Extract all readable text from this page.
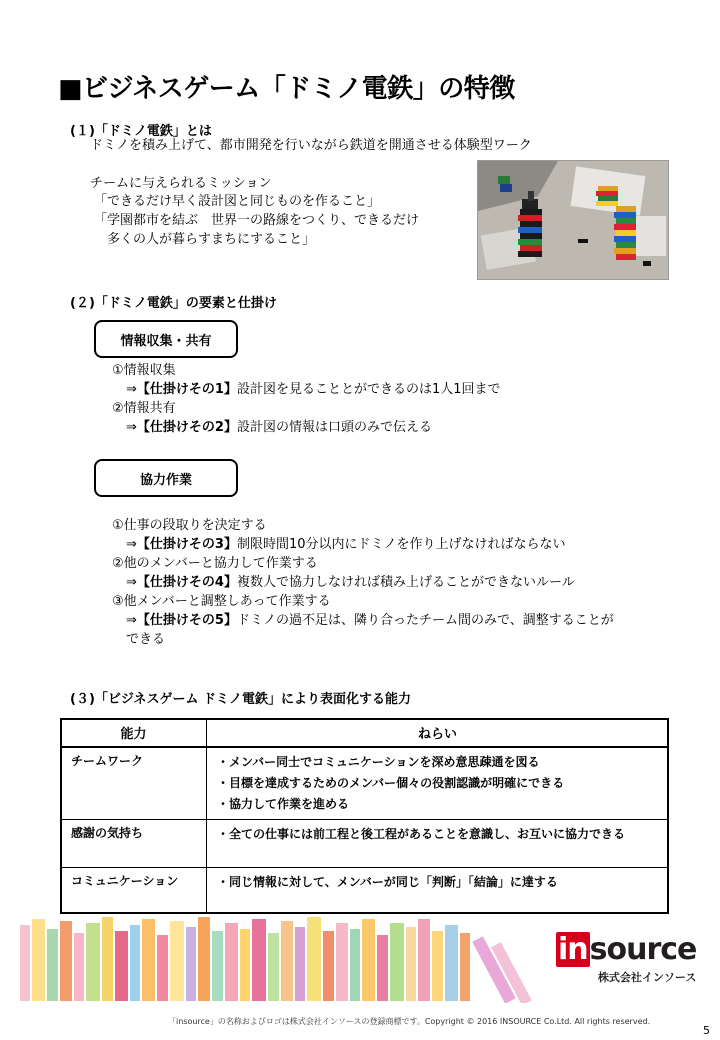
■ビジネスゲーム「ドミノ電鉄」の特徴
(１)「ドミノ電鉄」とは
ドミノを積み上げて、都市開発を行いながら鉄道を開通させる体験型ワーク
チームに与えられるミッション
「できるだけ早く設計図と同じものを作ること」
「学園都市を結ぶ　世界一の路線をつくり、できるだけ
　多くの人が暮らすまちにすること」
(２)「ドミノ電鉄」の要素と仕掛け
情報収集・共有
①情報収集
⇒【仕掛けその1】設計図を見ることとができるのは1人1回まで
②情報共有
⇒【仕掛けその2】設計図の情報は口頭のみで伝える
協力作業
①仕事の段取りを決定する
⇒【仕掛けその3】制限時間10分以内にドミノを作り上げなければならない
②他のメンバーと協力して作業する
⇒【仕掛けその4】複数人で協力しなければ積み上げることができないルール
③他メンバーと調整しあって作業する
⇒【仕掛けその5】ドミノの過不足は、隣り合ったチーム間のみで、調整することが
できる
(３)「ビジネスゲーム ドミノ電鉄」により表面化する能力
能力	ねらい
チームワーク	・メンバー同士でコミュニケーションを深め意思疎通を図る
・目標を達成するためのメンバー個々の役割認識が明確にできる
・協力して作業を進める

感謝の気持ち	・全ての仕事には前工程と後工程があることを意識し、お互いに協力できる

コミュニケーション	・同じ情報に対して、メンバーが同じ「判断」「結論」に達する
insource
株式会社インソース
「insource」の名称およびロゴは株式会社インソースの登録商標です。Copyright © 2016 INSOURCE Co.Ltd. All rights reserved.
5
